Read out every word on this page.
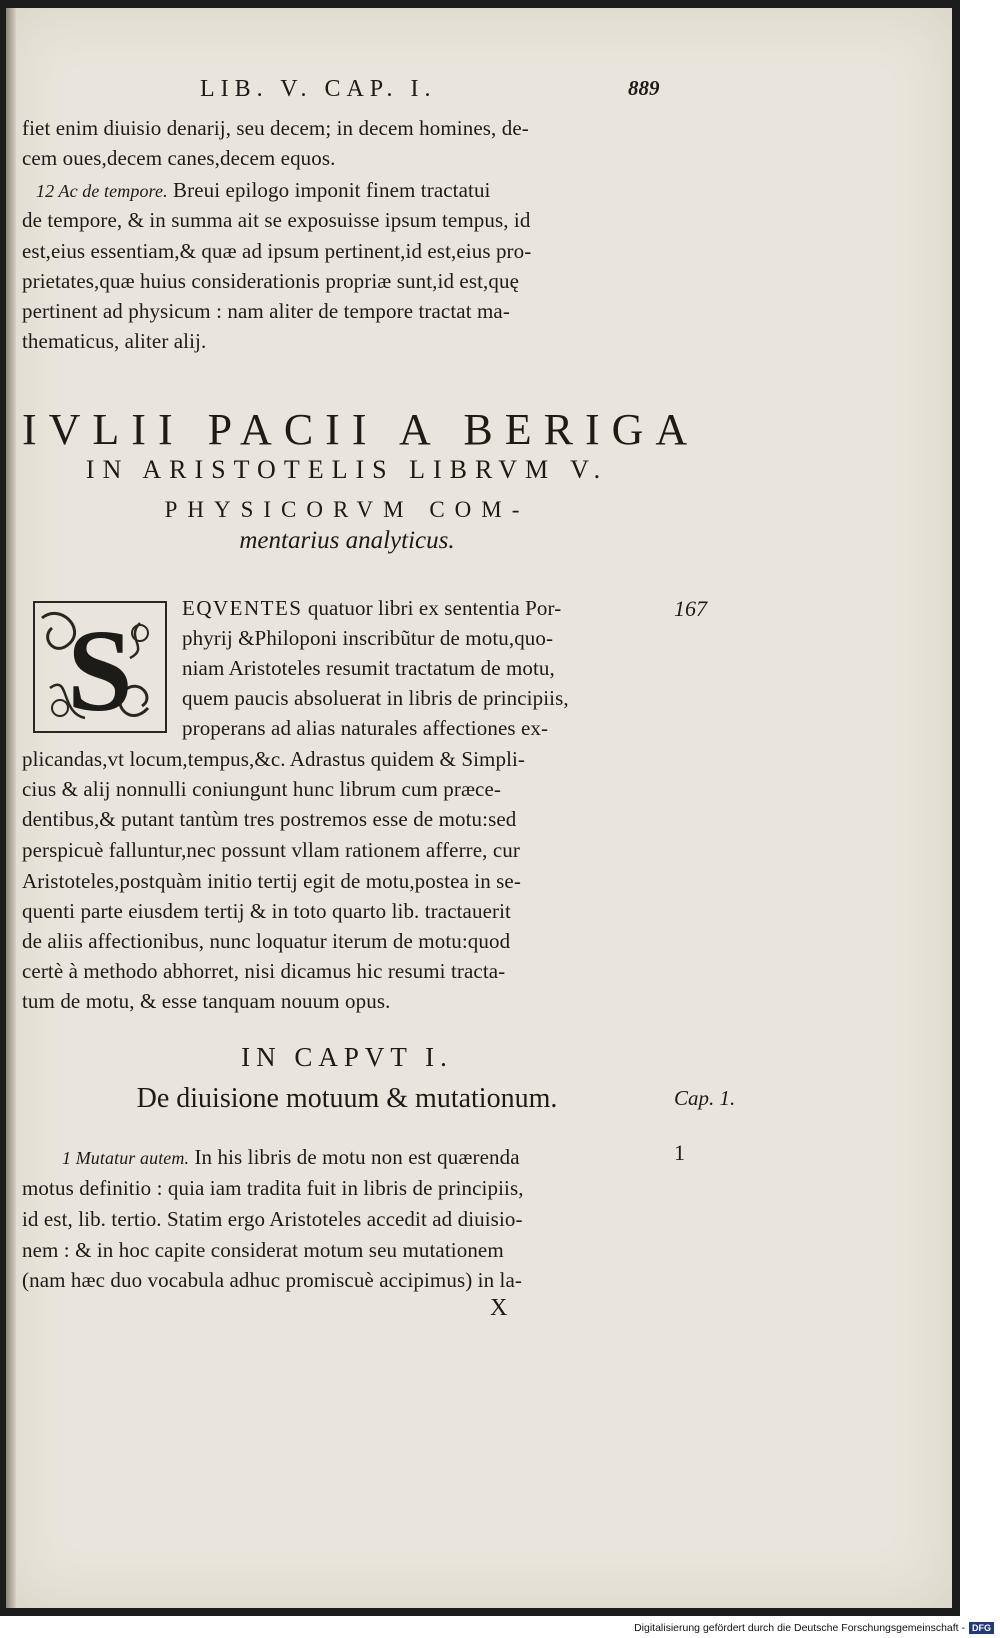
LIB. V. CAP. I.	889
fiet enim diuisio denarij, seu decem; in decem homines, de-
cem oues,decem canes,decem equos.
12 Ac de tempore. Breui epilogo imponit finem tractatui
de tempore, & in summa ait se exposuisse ipsum tempus, id
est,eius essentiam,& quæ ad ipsum pertinent,id est,eius pro-
prietates,quæ huius considerationis propriæ sunt,id est,quę
pertinent ad physicum : nam aliter de tempore tractat ma-
thematicus, aliter alij.
IVLII PACII A BERIGA
IN ARISTOTELIS LIBRVM V.
PHYSICORVM COM-
mentarius analyticus.
S EQVENTES quatuor libri ex sententia Por-	167
phyrij &Philoponi inscribũtur de motu,quo-
niam Aristoteles resumit tractatum de motu,
quem paucis absoluerat in libris de principiis,
properans ad alias naturales affectiones ex-
plicandas,vt locum,tempus,&c. Adrastus quidem & Simpli-
cius & alij nonnulli coniungunt hunc librum cum præce-
dentibus,& putant tantùm tres postremos esse de motu:sed
perspicuè falluntur,nec possunt vllam rationem afferre, cur
Aristoteles,postquàm initio tertij egit de motu,postea in se-
quenti parte eiusdem tertij & in toto quarto lib. tractauerit
de aliis affectionibus, nunc loquatur iterum de motu:quod
certè à methodo abhorret, nisi dicamus hic resumi tracta-
tum de motu, & esse tanquam nouum opus.
IN CAPVT I.
De diuisione motuum & mutationum.	Cap. 1.
1 Mutatur autem. In his libris de motu non est quærenda	1
motus definitio : quia iam tradita fuit in libris de principiis,
id est, lib. tertio. Statim ergo Aristoteles accedit ad diuisio-
nem : & in hoc capite considerat motum seu mutationem
(nam hæc duo vocabula adhuc promiscuè accipimus) in la-
X
Digitalisierung gefördert durch die Deutsche Forschungsgemeinschaft - DFG
